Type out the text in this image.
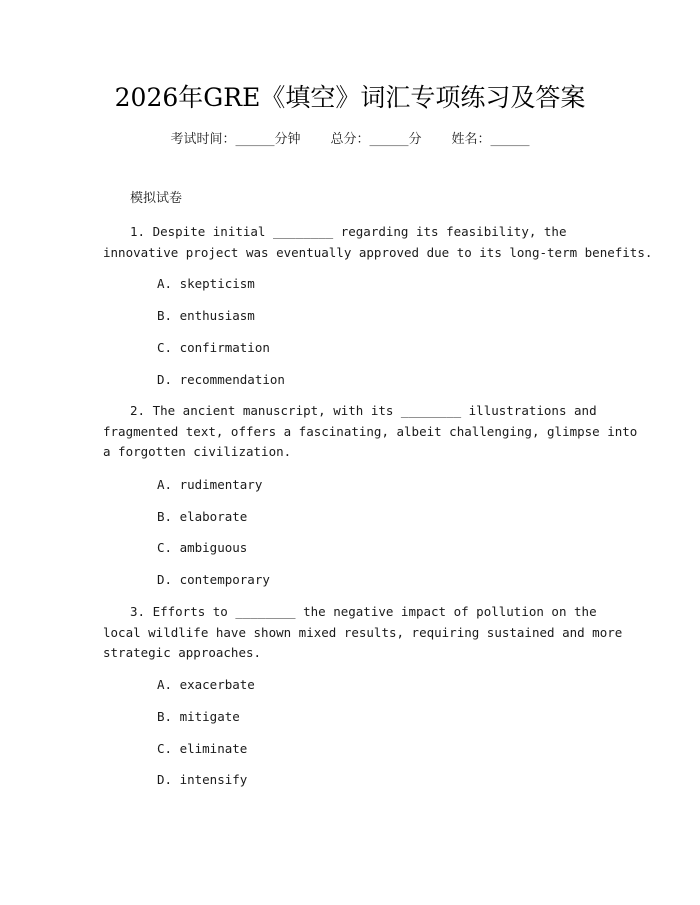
2026年GRE《填空》词汇专项练习及答案
考试时间：______分钟 总分：______分 姓名：______
模拟试卷
1. Despite initial ________ regarding its feasibility, the
innovative project was eventually approved due to its long-term benefits.
A. skepticism
B. enthusiasm
C. confirmation
D. recommendation
2. The ancient manuscript, with its ________ illustrations and
fragmented text, offers a fascinating, albeit challenging, glimpse into
a forgotten civilization.
A. rudimentary
B. elaborate
C. ambiguous
D. contemporary
3. Efforts to ________ the negative impact of pollution on the
local wildlife have shown mixed results, requiring sustained and more
strategic approaches.
A. exacerbate
B. mitigate
C. eliminate
D. intensify
